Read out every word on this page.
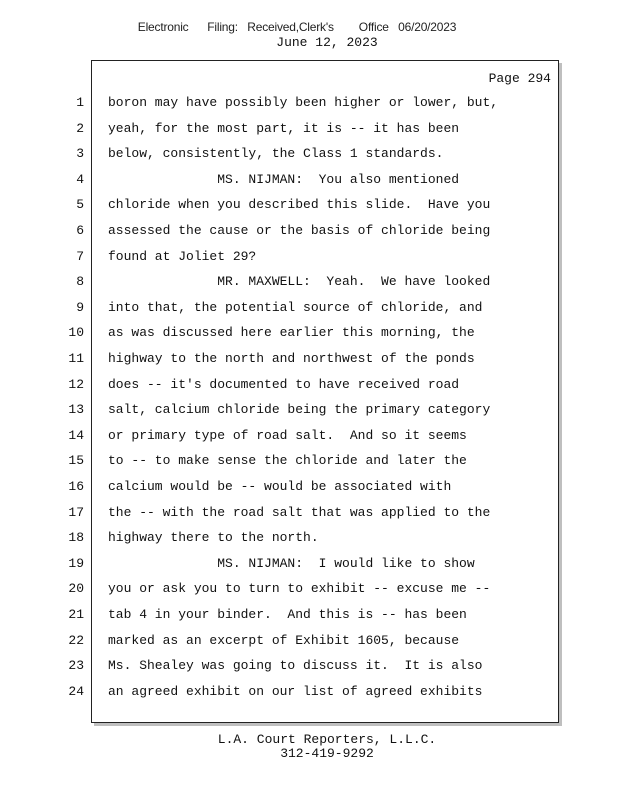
Electronic      Filing:   Received,Clerk's        Office   06/20/2023
June 12, 2023
Page 294
1 boron may have possibly been higher or lower, but,
2 yeah, for the most part, it is -- it has been
3 below, consistently, the Class 1 standards.
4 MS. NIJMAN:  You also mentioned
5 chloride when you described this slide.  Have you
6 assessed the cause or the basis of chloride being
7 found at Joliet 29?
8 MR. MAXWELL:  Yeah.  We have looked
9 into that, the potential source of chloride, and
10 as was discussed here earlier this morning, the
11 highway to the north and northwest of the ponds
12 does -- it's documented to have received road
13 salt, calcium chloride being the primary category
14 or primary type of road salt.  And so it seems
15 to -- to make sense the chloride and later the
16 calcium would be -- would be associated with
17 the -- with the road salt that was applied to the
18 highway there to the north.
19 MS. NIJMAN:  I would like to show
20 you or ask you to turn to exhibit -- excuse me --
21 tab 4 in your binder.  And this is -- has been
22 marked as an excerpt of Exhibit 1605, because
23 Ms. Shealey was going to discuss it.  It is also
24 an agreed exhibit on our list of agreed exhibits
L.A. Court Reporters, L.L.C.
312-419-9292
